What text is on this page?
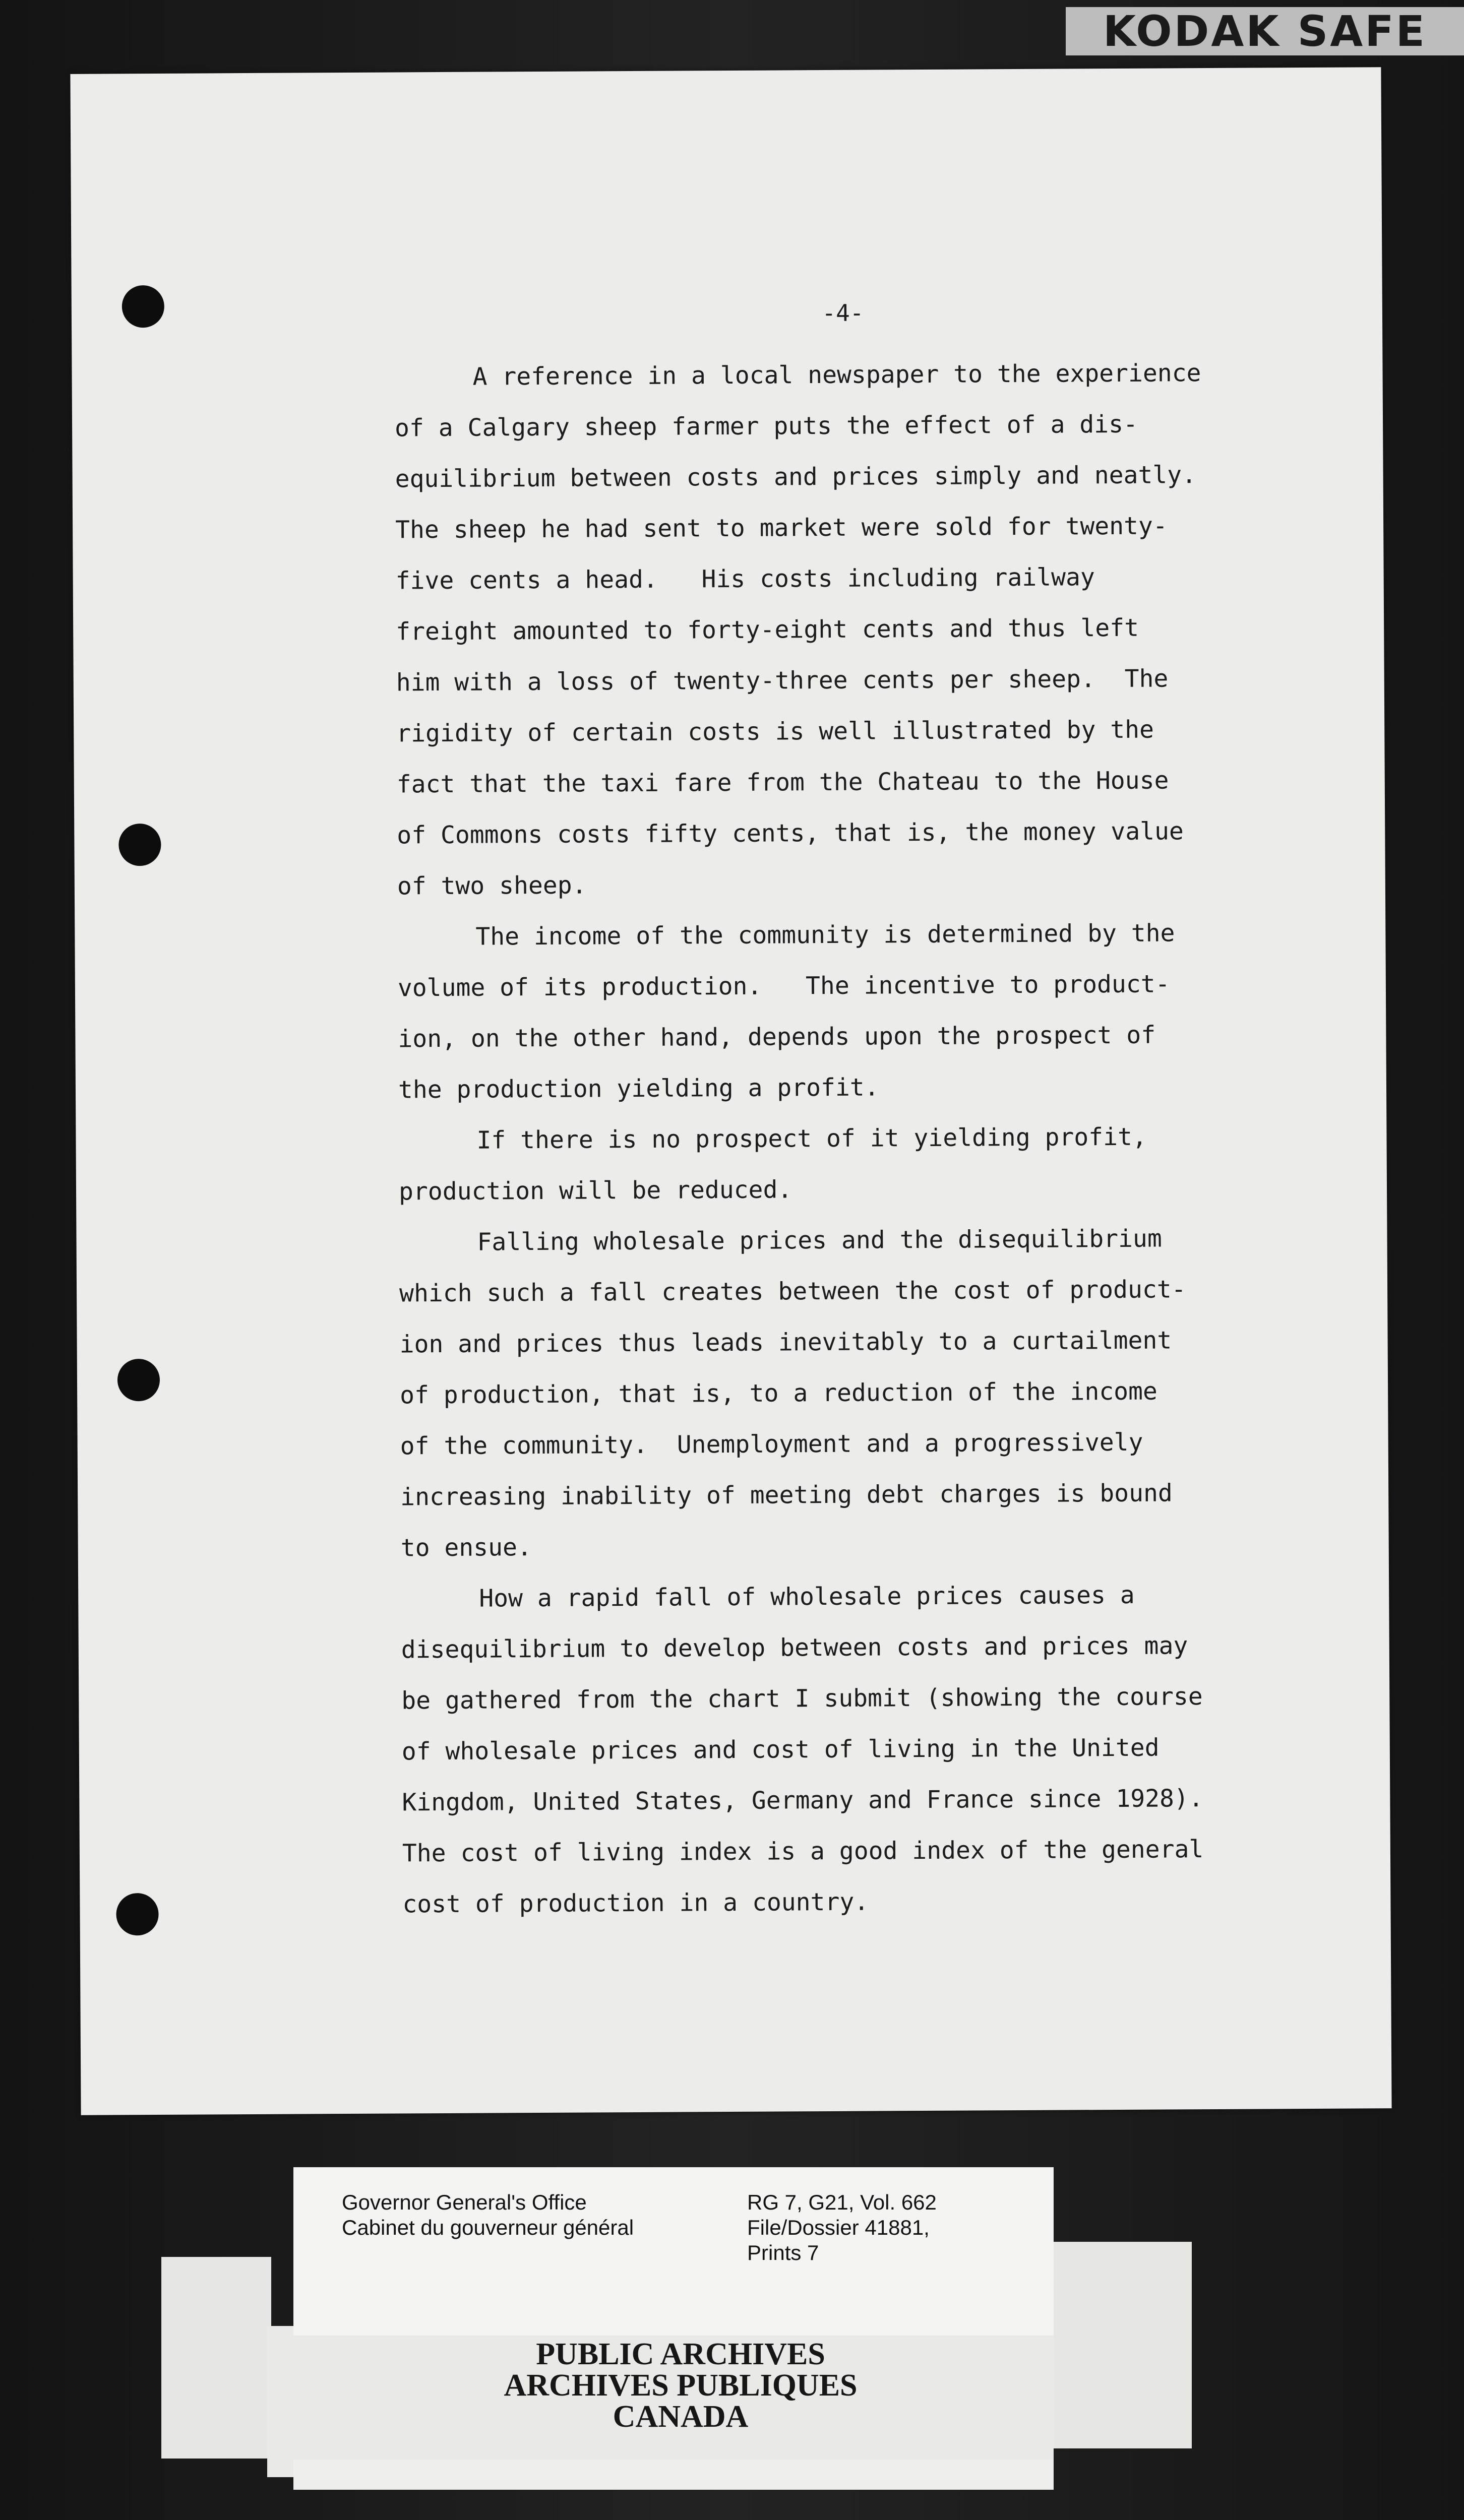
KODAK SAFE
-4-
A reference in a local newspaper to the experience
of a Calgary sheep farmer puts the effect of a dis-
equilibrium between costs and prices simply and neatly.
The sheep he had sent to market were sold for twenty-
five cents a head.   His costs including railway
freight amounted to forty-eight cents and thus left
him with a loss of twenty-three cents per sheep.  The
rigidity of certain costs is well illustrated by the
fact that the taxi fare from the Chateau to the House
of Commons costs fifty cents, that is, the money value
of two sheep.
The income of the community is determined by the
volume of its production.   The incentive to product-
ion, on the other hand, depends upon the prospect of
the production yielding a profit.
If there is no prospect of it yielding profit,
production will be reduced.
Falling wholesale prices and the disequilibrium
which such a fall creates between the cost of product-
ion and prices thus leads inevitably to a curtailment
of production, that is, to a reduction of the income
of the community.  Unemployment and a progressively
increasing inability of meeting debt charges is bound
to ensue.
How a rapid fall of wholesale prices causes a
disequilibrium to develop between costs and prices may
be gathered from the chart I submit (showing the course
of wholesale prices and cost of living in the United
Kingdom, United States, Germany and France since 1928).
The cost of living index is a good index of the general
cost of production in a country.
Governor General's Office
Cabinet du gouverneur général
RG 7, G21, Vol. 662
File/Dossier 41881,
Prints 7
PUBLIC ARCHIVES
ARCHIVES PUBLIQUES
CANADA
